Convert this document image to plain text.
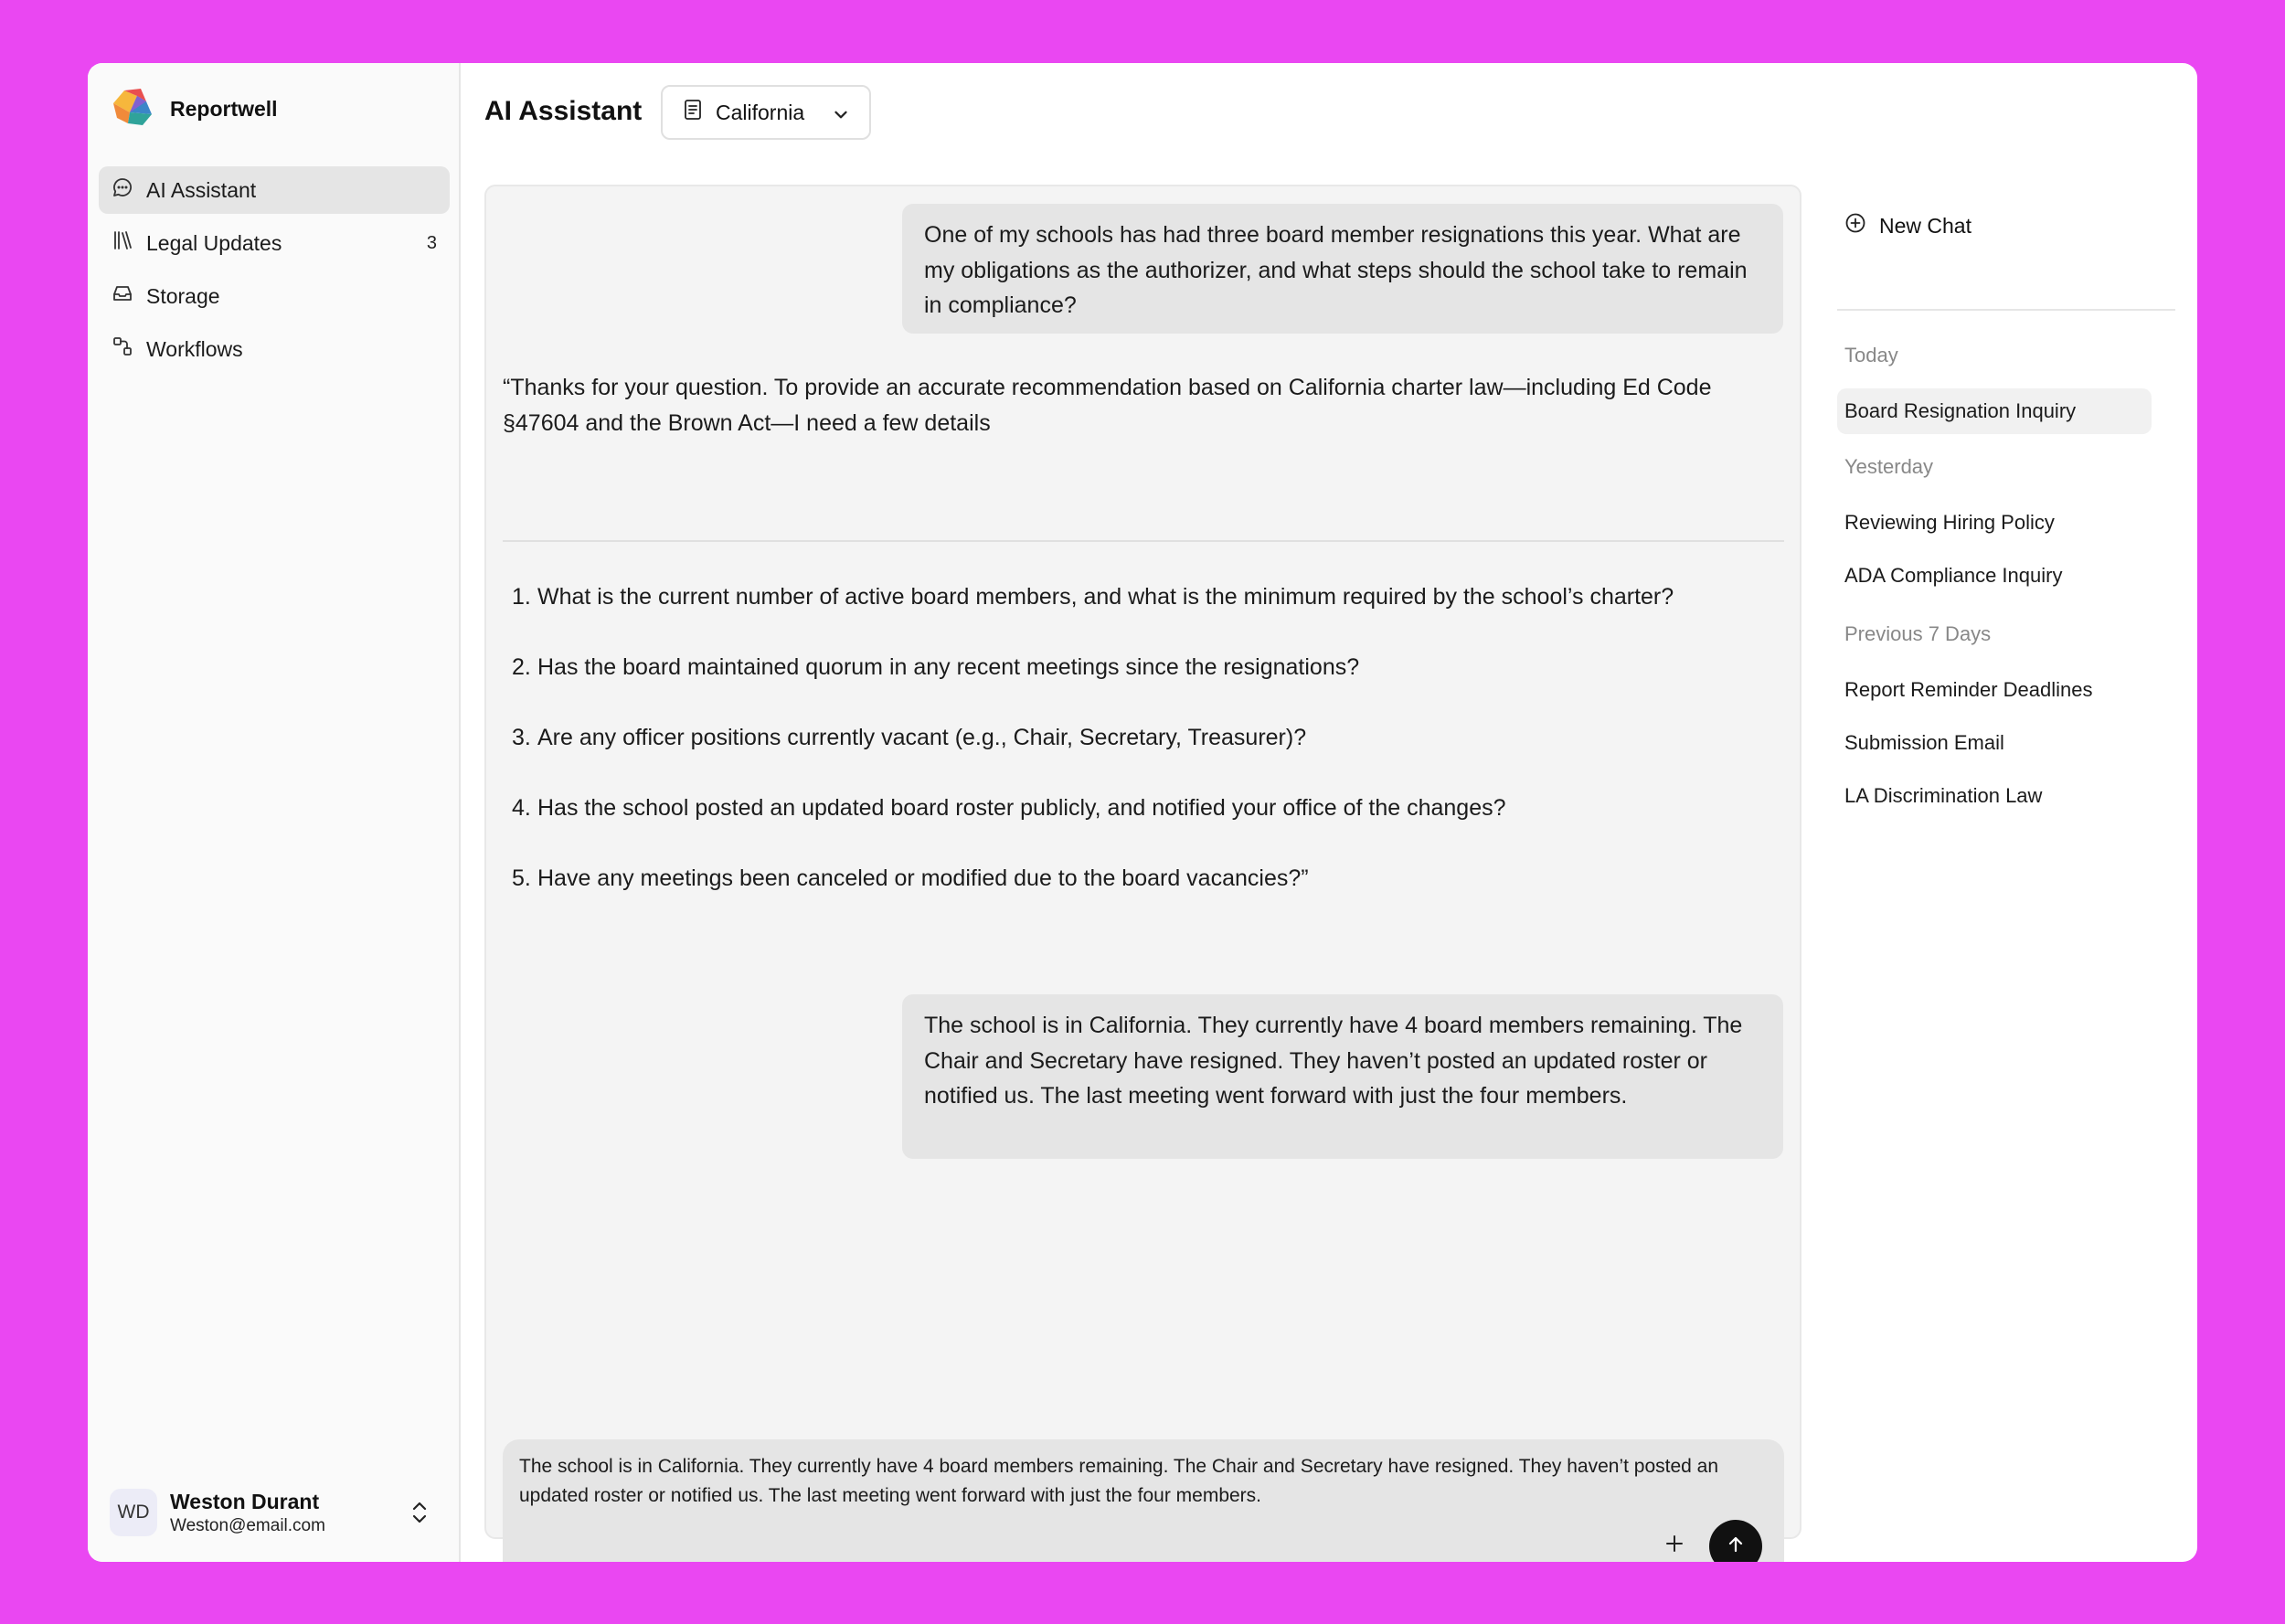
Reportwell
AI Assistant
Legal Updates	3
Storage
Workflows
WD Weston Durant
Weston@email.com
AI Assistant	California
One of my schools has had three board member resignations this year. What are my obligations as the authorizer, and what steps should the school take to remain in compliance?

“Thanks for your question. To provide an accurate recommendation based on California charter law—including Ed Code §47604 and the Brown Act—I need a few details

1. What is the current number of active board members, and what is the minimum required by the school’s charter?
2. Has the board maintained quorum in any recent meetings since the resignations?
3. Are any officer positions currently vacant (e.g., Chair, Secretary, Treasurer)?
4. Has the school posted an updated board roster publicly, and notified your office of the changes?
5. Have any meetings been canceled or modified due to the board vacancies?”
The school is in California. They currently have 4 board members remaining. The Chair and Secretary have resigned. They haven’t posted an updated roster or notified us. The last meeting went forward with just the four members.
The school is in California. They currently have 4 board members remaining. The Chair and Secretary have resigned. They haven’t posted an updated roster or notified us. The last meeting went forward with just the four members.
New Chat
Today
Board Resignation Inquiry
Yesterday
Reviewing Hiring Policy
ADA Compliance Inquiry
Previous 7 Days
Report Reminder Deadlines
Submission Email
LA Discrimination Law
